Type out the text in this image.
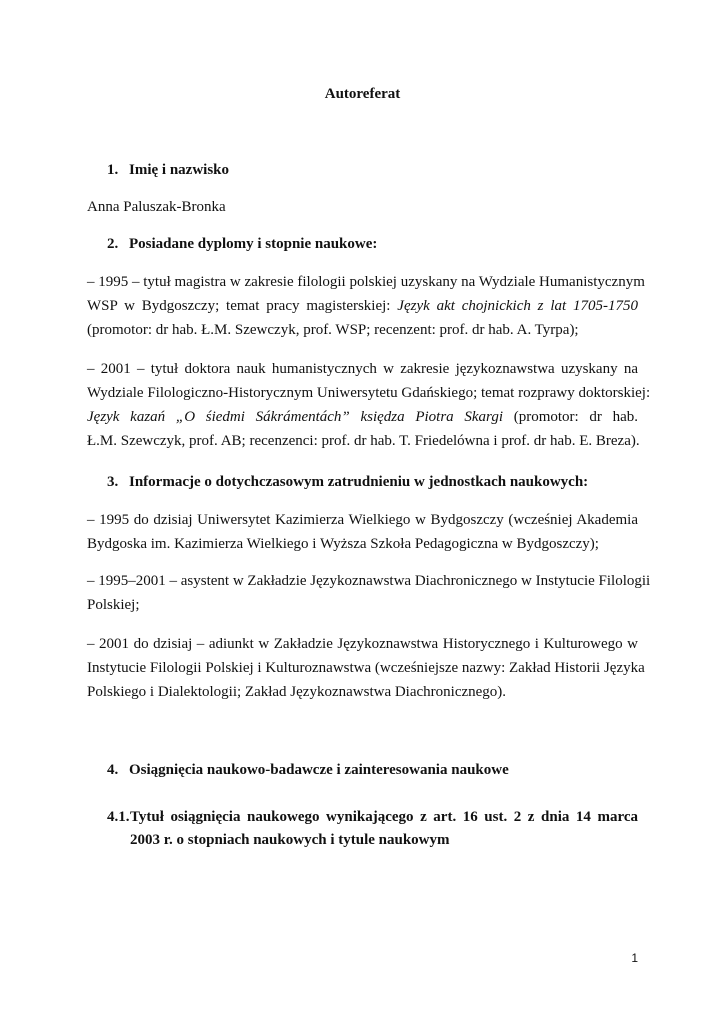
Autoreferat
1. Imię i nazwisko
Anna Paluszak-Bronka
2. Posiadane dyplomy i stopnie naukowe:
– 1995 – tytuł magistra w zakresie filologii polskiej uzyskany na Wydziale Humanistycznym
WSP w Bydgoszczy; temat pracy magisterskiej: Język akt chojnickich z lat 1705-1750
(promotor: dr hab. Ł.M. Szewczyk, prof. WSP; recenzent: prof. dr hab. A. Tyrpa);
– 2001 – tytuł doktora nauk humanistycznych w zakresie językoznawstwa uzyskany na
Wydziale Filologiczno-Historycznym Uniwersytetu Gdańskiego; temat rozprawy doktorskiej:
Język kazań „O śiedmi Sákrámentách” księdza Piotra Skargi (promotor: dr hab.
Ł.M. Szewczyk, prof. AB; recenzenci: prof. dr hab. T. Friedelówna i prof. dr hab. E. Breza).
3. Informacje o dotychczasowym zatrudnieniu w jednostkach naukowych:
– 1995 do dzisiaj Uniwersytet Kazimierza Wielkiego w Bydgoszczy (wcześniej Akademia
Bydgoska im. Kazimierza Wielkiego i Wyższa Szkoła Pedagogiczna w Bydgoszczy);
– 1995–2001 – asystent w Zakładzie Językoznawstwa Diachronicznego w Instytucie Filologii
Polskiej;
– 2001 do dzisiaj – adiunkt w Zakładzie Językoznawstwa Historycznego i Kulturowego w
Instytucie Filologii Polskiej i Kulturoznawstwa (wcześniejsze nazwy: Zakład Historii Języka
Polskiego i Dialektologii; Zakład Językoznawstwa Diachronicznego).
4. Osiągnięcia naukowo-badawcze i zainteresowania naukowe
4.1. Tytuł osiągnięcia naukowego wynikającego z art. 16 ust. 2 z dnia 14 marca
2003 r. o stopniach naukowych i tytule naukowym
1
